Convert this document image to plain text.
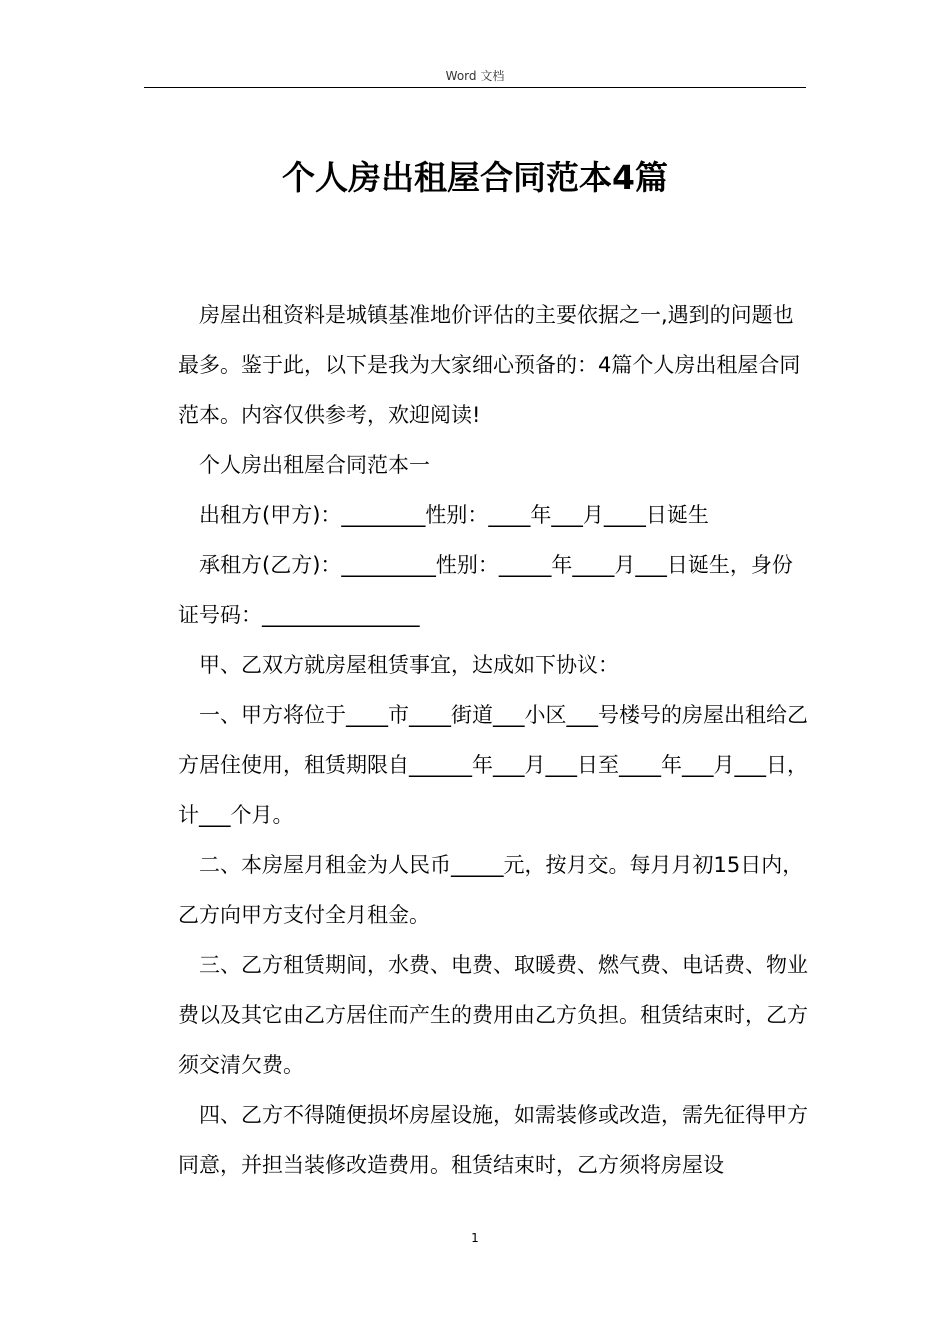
Word 文档
个人房出租屋合同范本4篇

房屋出租资料是城镇基准地价评估的主要依据之一,遇到的问题也最多。鉴于此，以下是我为大家细心预备的：4篇个人房出租屋合同范本。内容仅供参考，欢迎阅读!

个人房出租屋合同范本一

出租方(甲方)：________性别：____年___月____日诞生

承租方(乙方)：_________性别：_____年____月___日诞生，身份证号码：_______________

甲、乙双方就房屋租赁事宜，达成如下协议：

一、甲方将位于____市____街道___小区___号楼号的房屋出租给乙方居住使用，租赁期限自______年___月___日至____年___月___日，计___个月。

二、本房屋月租金为人民币_____元，按月交。每月月初15日内，乙方向甲方支付全月租金。

三、乙方租赁期间，水费、电费、取暖费、燃气费、电话费、物业费以及其它由乙方居住而产生的费用由乙方负担。租赁结束时，乙方须交清欠费。

四、乙方不得随便损坏房屋设施，如需装修或改造，需先征得甲方同意，并担当装修改造费用。租赁结束时，乙方须将房屋设

1
